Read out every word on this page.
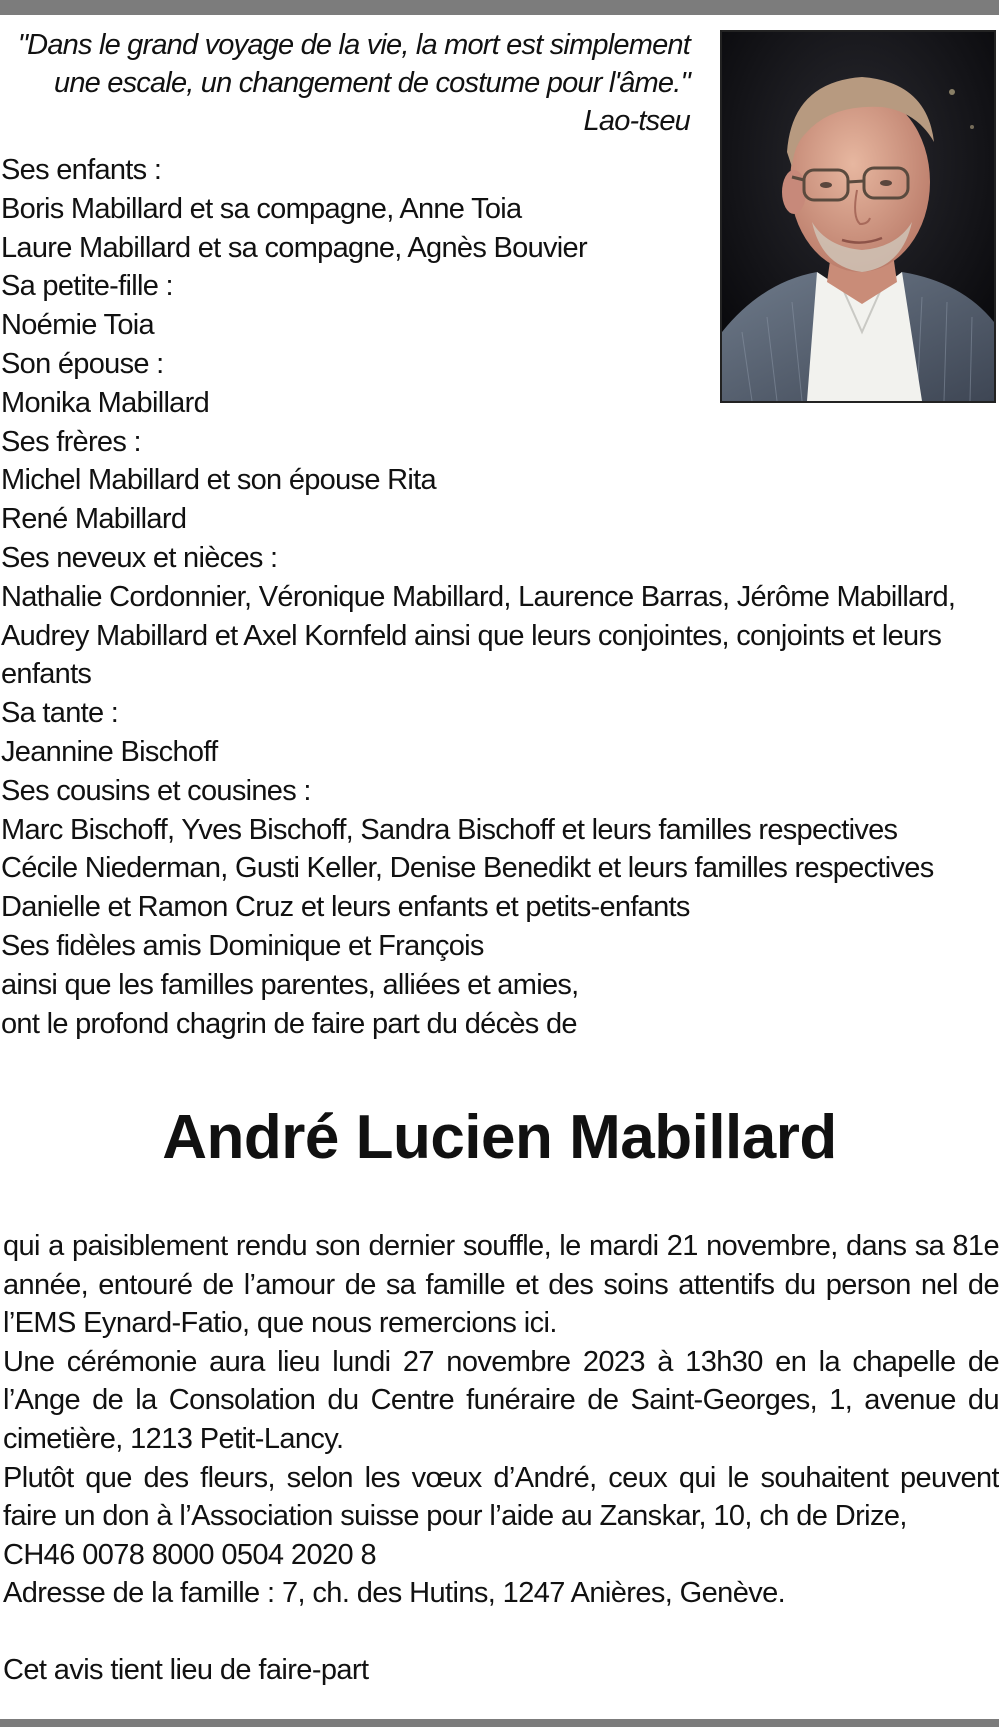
"Dans le grand voyage de la vie, la mort est simplement
une escale, un changement de costume pour l'âme."
Lao-tseu
Ses enfants :
Boris Mabillard et sa compagne, Anne Toia
Laure Mabillard et sa compagne, Agnès Bouvier
Sa petite-fille :
Noémie Toia
Son épouse :
Monika Mabillard
Ses frères :
Michel Mabillard et son épouse Rita
René Mabillard
Ses neveux et nièces :
Nathalie Cordonnier, Véronique Mabillard, Laurence Barras, Jérôme Mabillard, Audrey Mabillard et Axel Kornfeld ainsi que leurs conjointes, conjoints et leurs enfants
Sa tante :
Jeannine Bischoff
Ses cousins et cousines :
Marc Bischoff, Yves Bischoff, Sandra Bischoff et leurs familles respectives
Cécile Niederman, Gusti Keller, Denise Benedikt et leurs familles respectives
Danielle et Ramon Cruz et leurs enfants et petits-enfants
Ses fidèles amis Dominique et François
ainsi que les familles parentes, alliées et amies,
ont le profond chagrin de faire part du décès de
André Lucien Mabillard

qui a paisiblement rendu son dernier souffle, le mardi 21 novembre, dans sa 81e année, entouré de l’amour de sa famille et des soins attentifs du person nel de l’EMS Eynard-Fatio, que nous remercions ici.

Une cérémonie aura lieu lundi 27 novembre 2023 à 13h30 en la chapelle de l’Ange de la Consolation du Centre funéraire de Saint-Georges, 1, avenue du cimetière, 1213 Petit-Lancy.

Plutôt que des fleurs, selon les vœux d’André, ceux qui le souhaitent peuvent faire un don à l’Association suisse pour l’aide au Zanskar, 10, ch de Drize,

CH46 0078 8000 0504 2020 8

Adresse de la famille : 7, ch. des Hutins, 1247 Anières, Genève.

Cet avis tient lieu de faire-part
